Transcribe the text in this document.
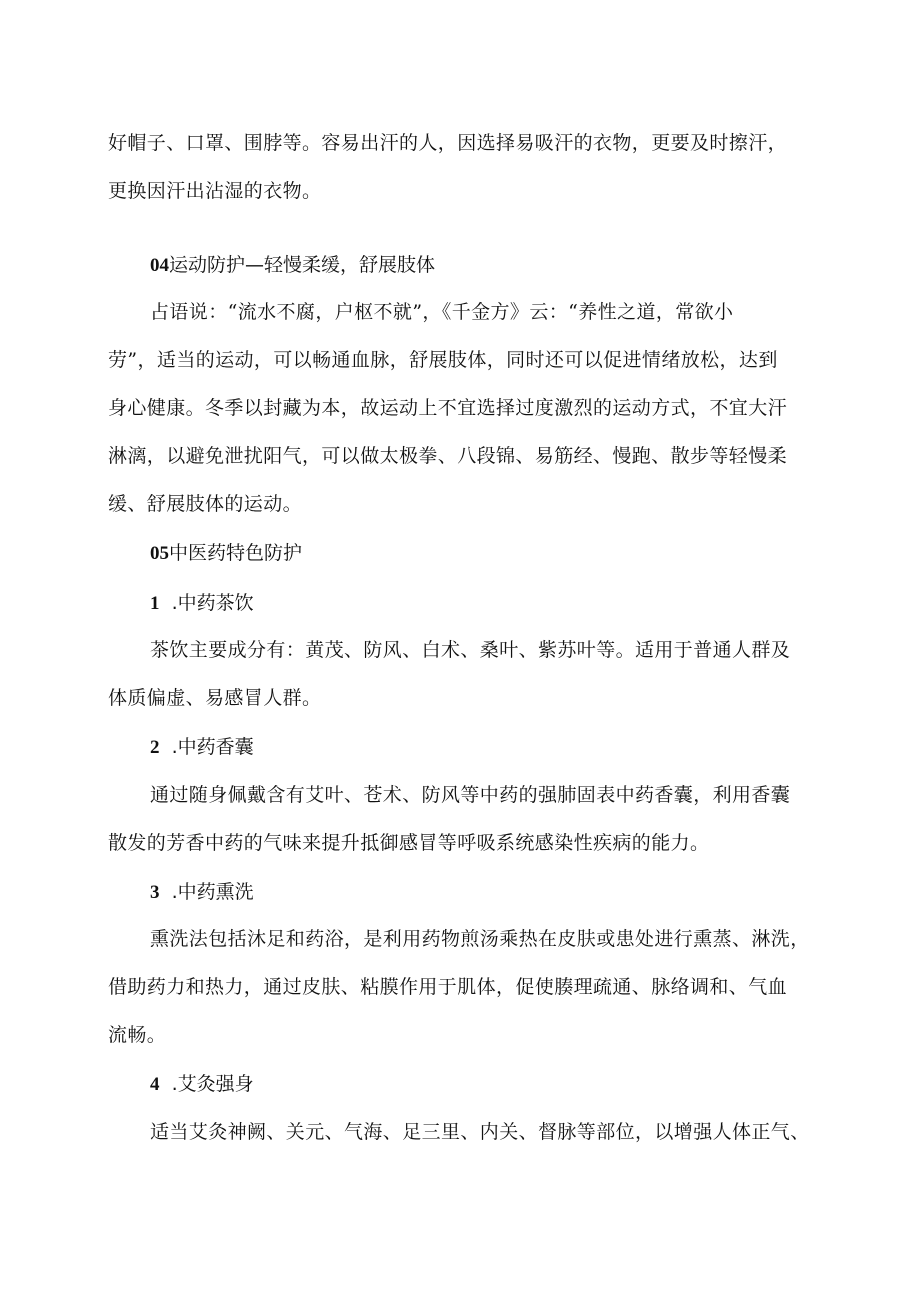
好帽子、口罩、围脖等。容易出汗的人，因选择易吸汗的衣物，更要及时擦汗，
更换因汗出沾湿的衣物。
04运动防护—轻慢柔缓，舒展肢体
占语说：“流水不腐，户枢不就”，《千金方》云：“养性之道，常欲小
劳”，适当的运动，可以畅通血脉，舒展肢体，同时还可以促进情绪放松，达到
身心健康。冬季以封藏为本，故运动上不宜选择过度激烈的运动方式，不宜大汗
淋漓，以避免泄扰阳气，可以做太极拳、八段锦、易筋经、慢跑、散步等轻慢柔
缓、舒展肢体的运动。
05中医药特色防护
1 .中药茶饮
茶饮主要成分有：黄茂、防风、白术、桑叶、紫苏叶等。适用于普通人群及
体质偏虚、易感冒人群。
2 .中药香囊
通过随身佩戴含有艾叶、苍术、防风等中药的强肺固表中药香囊，利用香囊
散发的芳香中药的气味来提升抵御感冒等呼吸系统感染性疾病的能力。
3 .中药熏洗
熏洗法包括沐足和药浴，是利用药物煎汤乘热在皮肤或患处进行熏蒸、淋洗，
借助药力和热力，通过皮肤、粘膜作用于肌体，促使腠理疏通、脉络调和、气血
流畅。
4 .艾灸强身
适当艾灸神阙、关元、气海、足三里、内关、督脉等部位，以增强人体正气、
